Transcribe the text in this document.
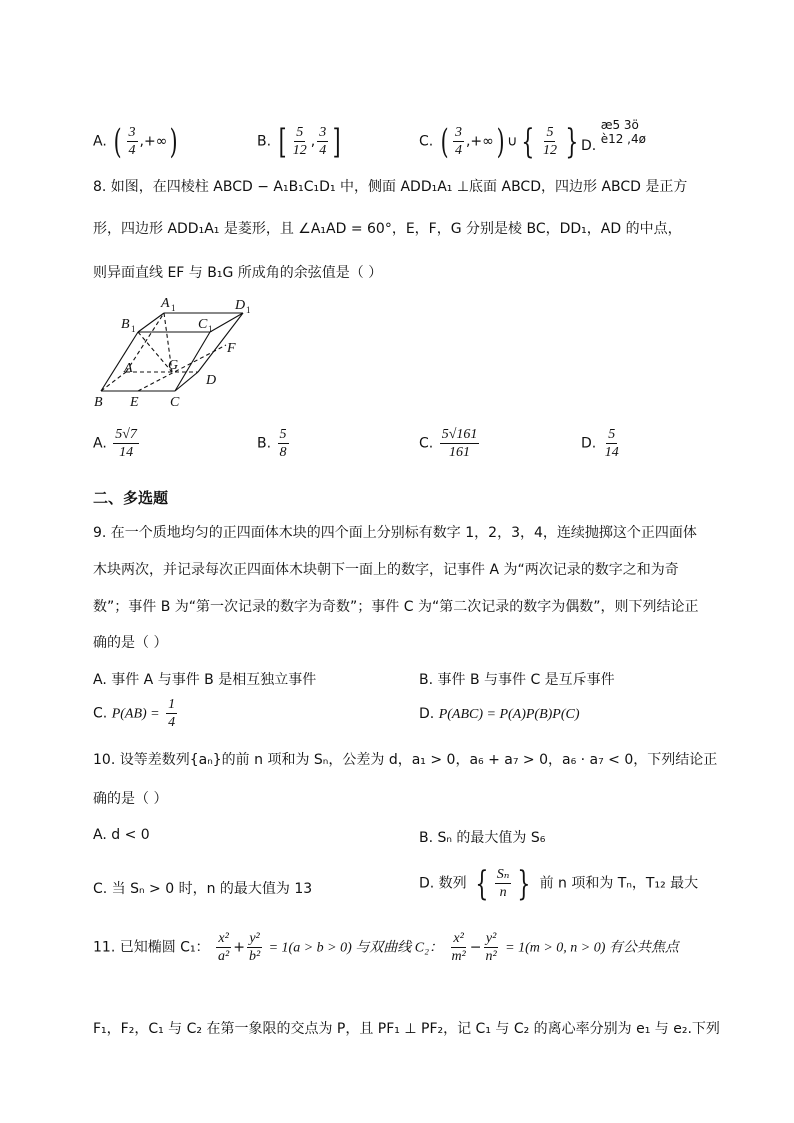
A. ( $\frac{3}{4}$ ,+∞)	B. [ $\frac{5}{12}$ , $\frac{3}{4}$ ]	C. ( $\frac{3}{4}$ ,+∞) ∪ { $\frac{5}{12}$ } D.
æ5 3ö
è12 ,4ø
8. 如图，在四棱柱 ABCD − A₁B₁C₁D₁ 中，侧面 ADD₁A₁ ⊥底面 ABCD，四边形 ABCD 是正方
形，四边形 ADD₁A₁ 是菱形，且 ∠A₁AD = 60°，E，F，G 分别是棱 BC，DD₁，AD 的中点，
则异面直线 EF 与 B₁G 所成角的余弦值是（ ）
A 1	D 1
B 1	C 1
A	G
F
D
B E C
A. $\frac{5√7}{14}$	B. $\frac{5}{8}$	C. $\frac{5√161}{161}$	D. $\frac{5}{14}$
二、多选题
9. 在一个质地均匀的正四面体木块的四个面上分别标有数字 1，2，3，4，连续抛掷这个正四面体
木块两次，并记录每次正四面体木块朝下一面上的数字，记事件 A 为“两次记录的数字之和为奇
数”；事件 B 为“第一次记录的数字为奇数”；事件 C 为“第二次记录的数字为偶数”，则下列结论正
确的是（ ）
A. 事件 A 与事件 B 是相互独立事件	B. 事件 B 与事件 C 是互斥事件
C. $P(AB) = \frac{1}{4}$	D. P(ABC) = P(A)P(B)P(C)
10. 设等差数列{aₙ}的前 n 项和为 Sₙ，公差为 d，a₁ > 0，a₆ + a₇ > 0，a₆ · a₇ < 0，下列结论正
确的是（ ）
A. d < 0	B. Sₙ 的最大值为 S₆
C. 当 Sₙ > 0 时，n 的最大值为 13	D. 数列 { $\frac{\text{Sₙ}}{n}$ } 前 n 项和为 Tₙ，T₁₂ 最大
11. 已知椭圆 C₁： $\frac{\text{x²}}{\text{a²}} + \frac{\text{y²}}{\text{b²}} = 1(a > b > 0)$ 与双曲线 C₂： $\frac{\text{x²}}{\text{m²}} - \frac{\text{y²}}{\text{n²}} = 1(m > 0$, n > 0) 有公共焦点
F₁，F₂，C₁ 与 C₂ 在第一象限的交点为 P，且 PF₁ ⊥ PF₂，记 C₁ 与 C₂ 的离心率分别为 e₁ 与 e₂.下列
